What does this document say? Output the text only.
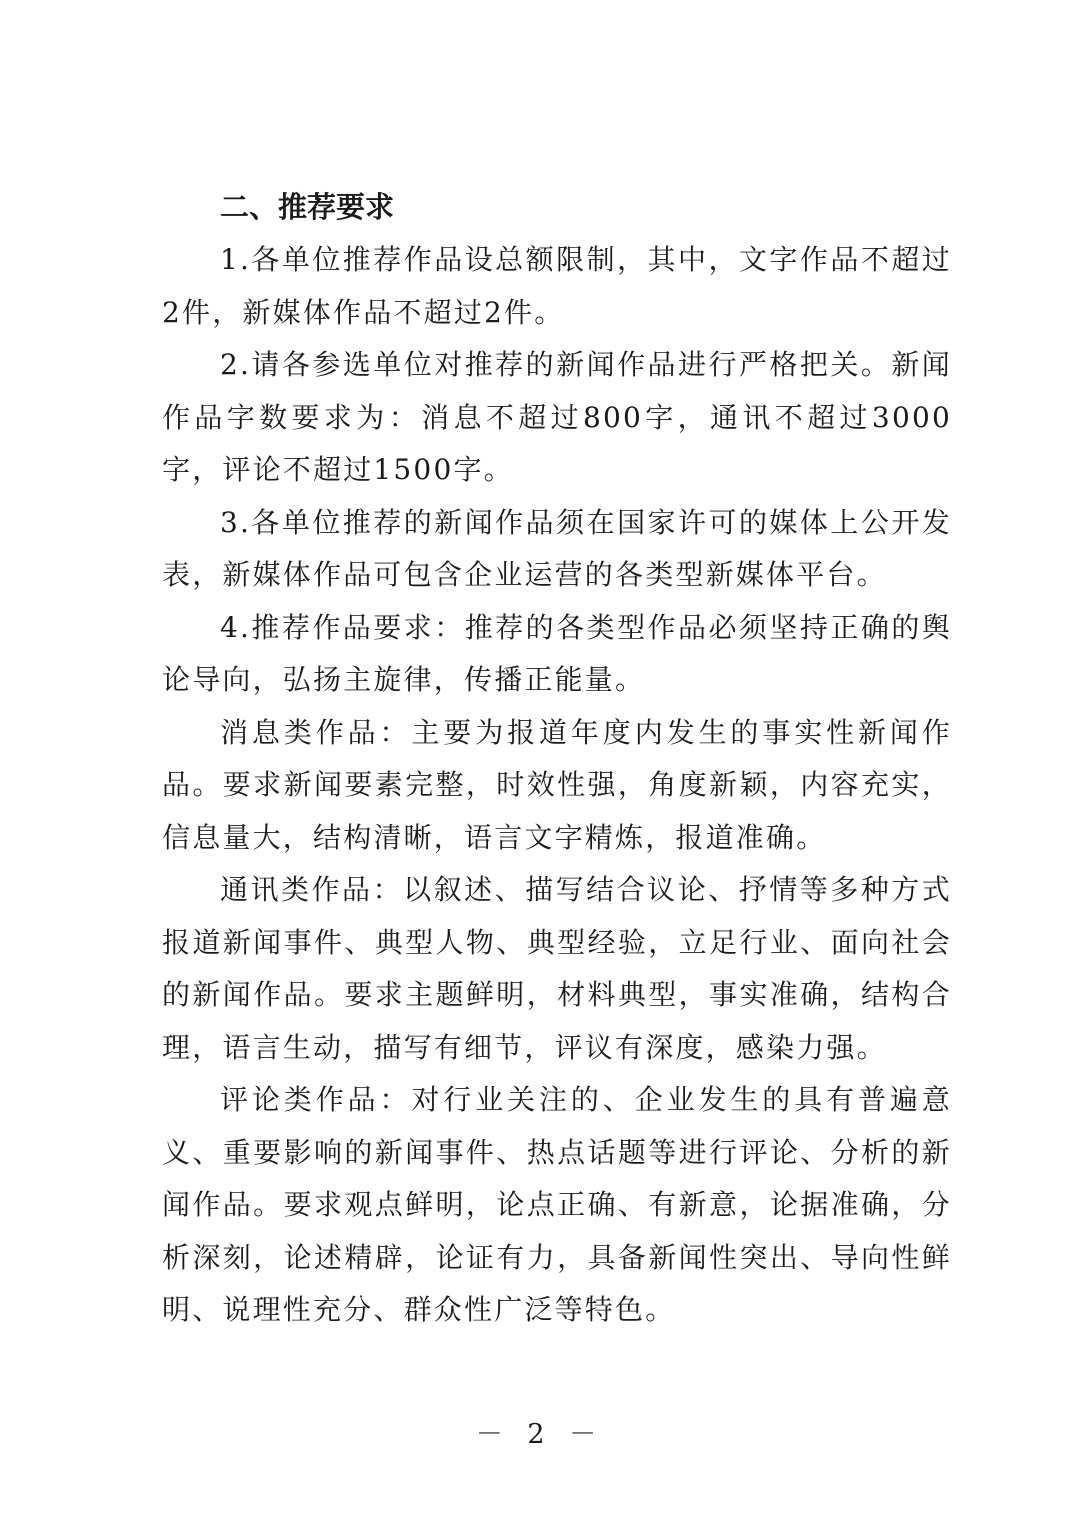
二、推荐要求

1.各单位推荐作品设总额限制，其中，文字作品不超过2件，新媒体作品不超过2件。

2.请各参选单位对推荐的新闻作品进行严格把关。新闻作品字数要求为：消息不超过800字，通讯不超过3000字，评论不超过1500字。

3.各单位推荐的新闻作品须在国家许可的媒体上公开发表，新媒体作品可包含企业运营的各类型新媒体平台。

4.推荐作品要求：推荐的各类型作品必须坚持正确的舆论导向，弘扬主旋律，传播正能量。

消息类作品：主要为报道年度内发生的事实性新闻作品。要求新闻要素完整，时效性强，角度新颖，内容充实，信息量大，结构清晰，语言文字精炼，报道准确。

通讯类作品：以叙述、描写结合议论、抒情等多种方式报道新闻事件、典型人物、典型经验，立足行业、面向社会的新闻作品。要求主题鲜明，材料典型，事实准确，结构合理，语言生动，描写有细节，评议有深度，感染力强。

评论类作品：对行业关注的、企业发生的具有普遍意义、重要影响的新闻事件、热点话题等进行评论、分析的新闻作品。要求观点鲜明，论点正确、有新意，论据准确，分析深刻，论述精辟，论证有力，具备新闻性突出、导向性鲜明、说理性充分、群众性广泛等特色。

－ 2 －
